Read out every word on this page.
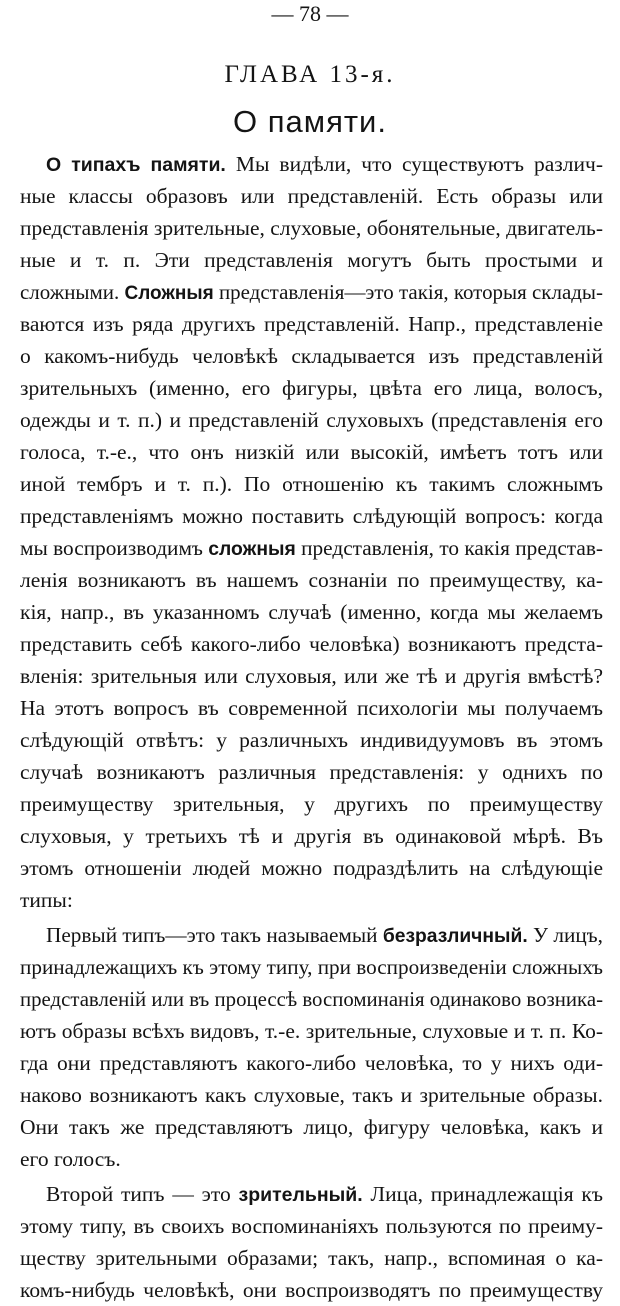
— 78 —
ГЛАВА 13-я.
О памяти.
О типахъ памяти. Мы видѣли, что существуютъ различ-
ные классы образовъ или представленій. Есть образы или
представленія зрительные, слуховые, обонятельные, двигатель-
ные и т. п. Эти представленія могутъ быть простыми и
сложными. Сложныя представленія—это такія, которыя склады-
ваются изъ ряда другихъ представленій. Напр., представленіе
о какомъ-нибудь человѣкѣ складывается изъ представленій
зрительныхъ (именно, его фигуры, цвѣта его лица, волосъ,
одежды и т. п.) и представленій слуховыхъ (представленія его
голоса, т.-е., что онъ низкій или высокій, имѣетъ тотъ или
иной тембръ и т. п.). По отношенію къ такимъ сложнымъ
представленіямъ можно поставить слѣдующій вопросъ: когда
мы воспроизводимъ сложныя представленія, то какія представ-
ленія возникаютъ въ нашемъ сознаніи по преимуществу, ка-
кія, напр., въ указанномъ случаѣ (именно, когда мы желаемъ
представить себѣ какого-либо человѣка) возникаютъ предста-
вленія: зрительныя или слуховыя, или же тѣ и другія вмѣстѣ?
На этотъ вопросъ въ современной психологіи мы получаемъ
слѣдующій отвѣтъ: у различныхъ индивидуумовъ въ этомъ
случаѣ возникаютъ различныя представленія: у однихъ по
преимуществу зрительныя, у другихъ по преимуществу
слуховыя, у третьихъ тѣ и другія въ одинаковой мѣрѣ. Въ
этомъ отношеніи людей можно подраздѣлить на слѣдующіе
типы:
Первый типъ—это такъ называемый безразличный. У лицъ,
принадлежащихъ къ этому типу, при воспроизведеніи сложныхъ
представленій или въ процессѣ воспоминанія одинаково возника-
ютъ образы всѣхъ видовъ, т.-е. зрительные, слуховые и т. п. Ко-
гда они представляютъ какого-либо человѣка, то у нихъ оди-
наково возникаютъ какъ слуховые, такъ и зрительные образы.
Они такъ же представляютъ лицо, фигуру человѣка, какъ и
его голосъ.
Второй типъ — это зрительный. Лица, принадлежащія къ
этому типу, въ своихъ воспоминаніяхъ пользуются по преиму-
ществу зрительными образами; такъ, напр., вспоминая о ка-
комъ-нибудь человѣкѣ, они воспроизводятъ по преимуществу
